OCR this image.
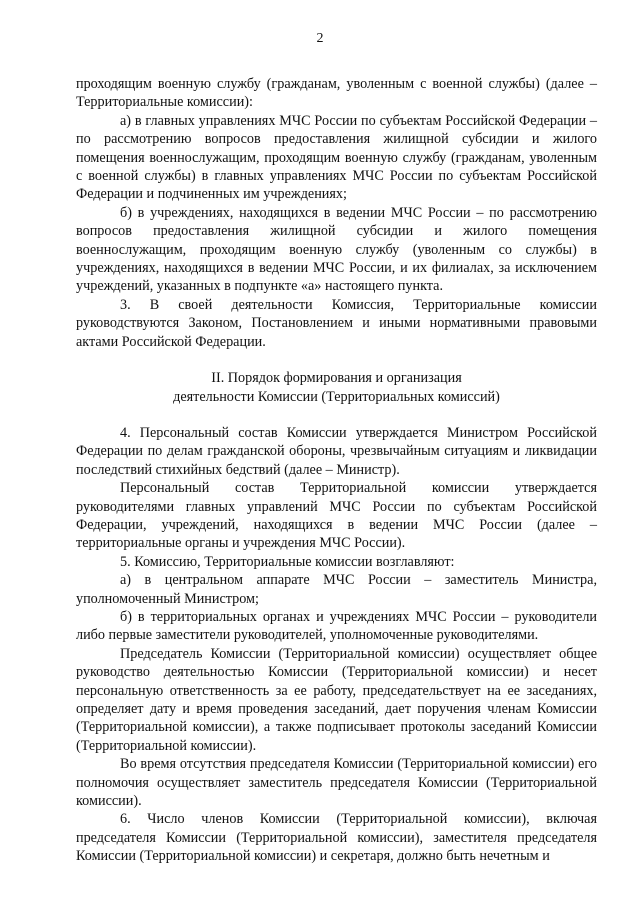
2

проходящим военную службу (гражданам, уволенным с военной службы) (далее – Территориальные комиссии):

а) в главных управлениях МЧС России по субъектам Российской Федерации – по рассмотрению вопросов предоставления жилищной субсидии и жилого помещения военнослужащим, проходящим военную службу (гражданам, уволенным с военной службы) в главных управлениях МЧС России по субъектам Российской Федерации и подчиненных им учреждениях;

б) в учреждениях, находящихся в ведении МЧС России – по рассмотрению вопросов предоставления жилищной субсидии и жилого помещения военнослужащим, проходящим военную службу (уволенным со службы) в учреждениях, находящихся в ведении МЧС России, и их филиалах, за исключением учреждений, указанных в подпункте «а» настоящего пункта.

3. В своей деятельности Комиссия, Территориальные комиссии руководствуются Законом, Постановлением и иными нормативными правовыми актами Российской Федерации.

II. Порядок формирования и организация
деятельности Комиссии (Территориальных комиссий)

4. Персональный состав Комиссии утверждается Министром Российской Федерации по делам гражданской обороны, чрезвычайным ситуациям и ликвидации последствий стихийных бедствий (далее – Министр).

Персональный состав Территориальной комиссии утверждается руководителями главных управлений МЧС России по субъектам Российской Федерации, учреждений, находящихся в ведении МЧС России (далее – территориальные органы и учреждения МЧС России).

5. Комиссию, Территориальные комиссии возглавляют:

а) в центральном аппарате МЧС России – заместитель Министра, уполномоченный Министром;

б) в территориальных органах и учреждениях МЧС России – руководители либо первые заместители руководителей, уполномоченные руководителями.

Председатель Комиссии (Территориальной комиссии) осуществляет общее руководство деятельностью Комиссии (Территориальной комиссии) и несет персональную ответственность за ее работу, председательствует на ее заседаниях, определяет дату и время проведения заседаний, дает поручения членам Комиссии (Территориальной комиссии), а также подписывает протоколы заседаний Комиссии (Территориальной комиссии).

Во время отсутствия председателя Комиссии (Территориальной комиссии) его полномочия осуществляет заместитель председателя Комиссии (Территориальной комиссии).

6. Число членов Комиссии (Территориальной комиссии), включая председателя Комиссии (Территориальной комиссии), заместителя председателя Комиссии (Территориальной комиссии) и секретаря, должно быть нечетным и
